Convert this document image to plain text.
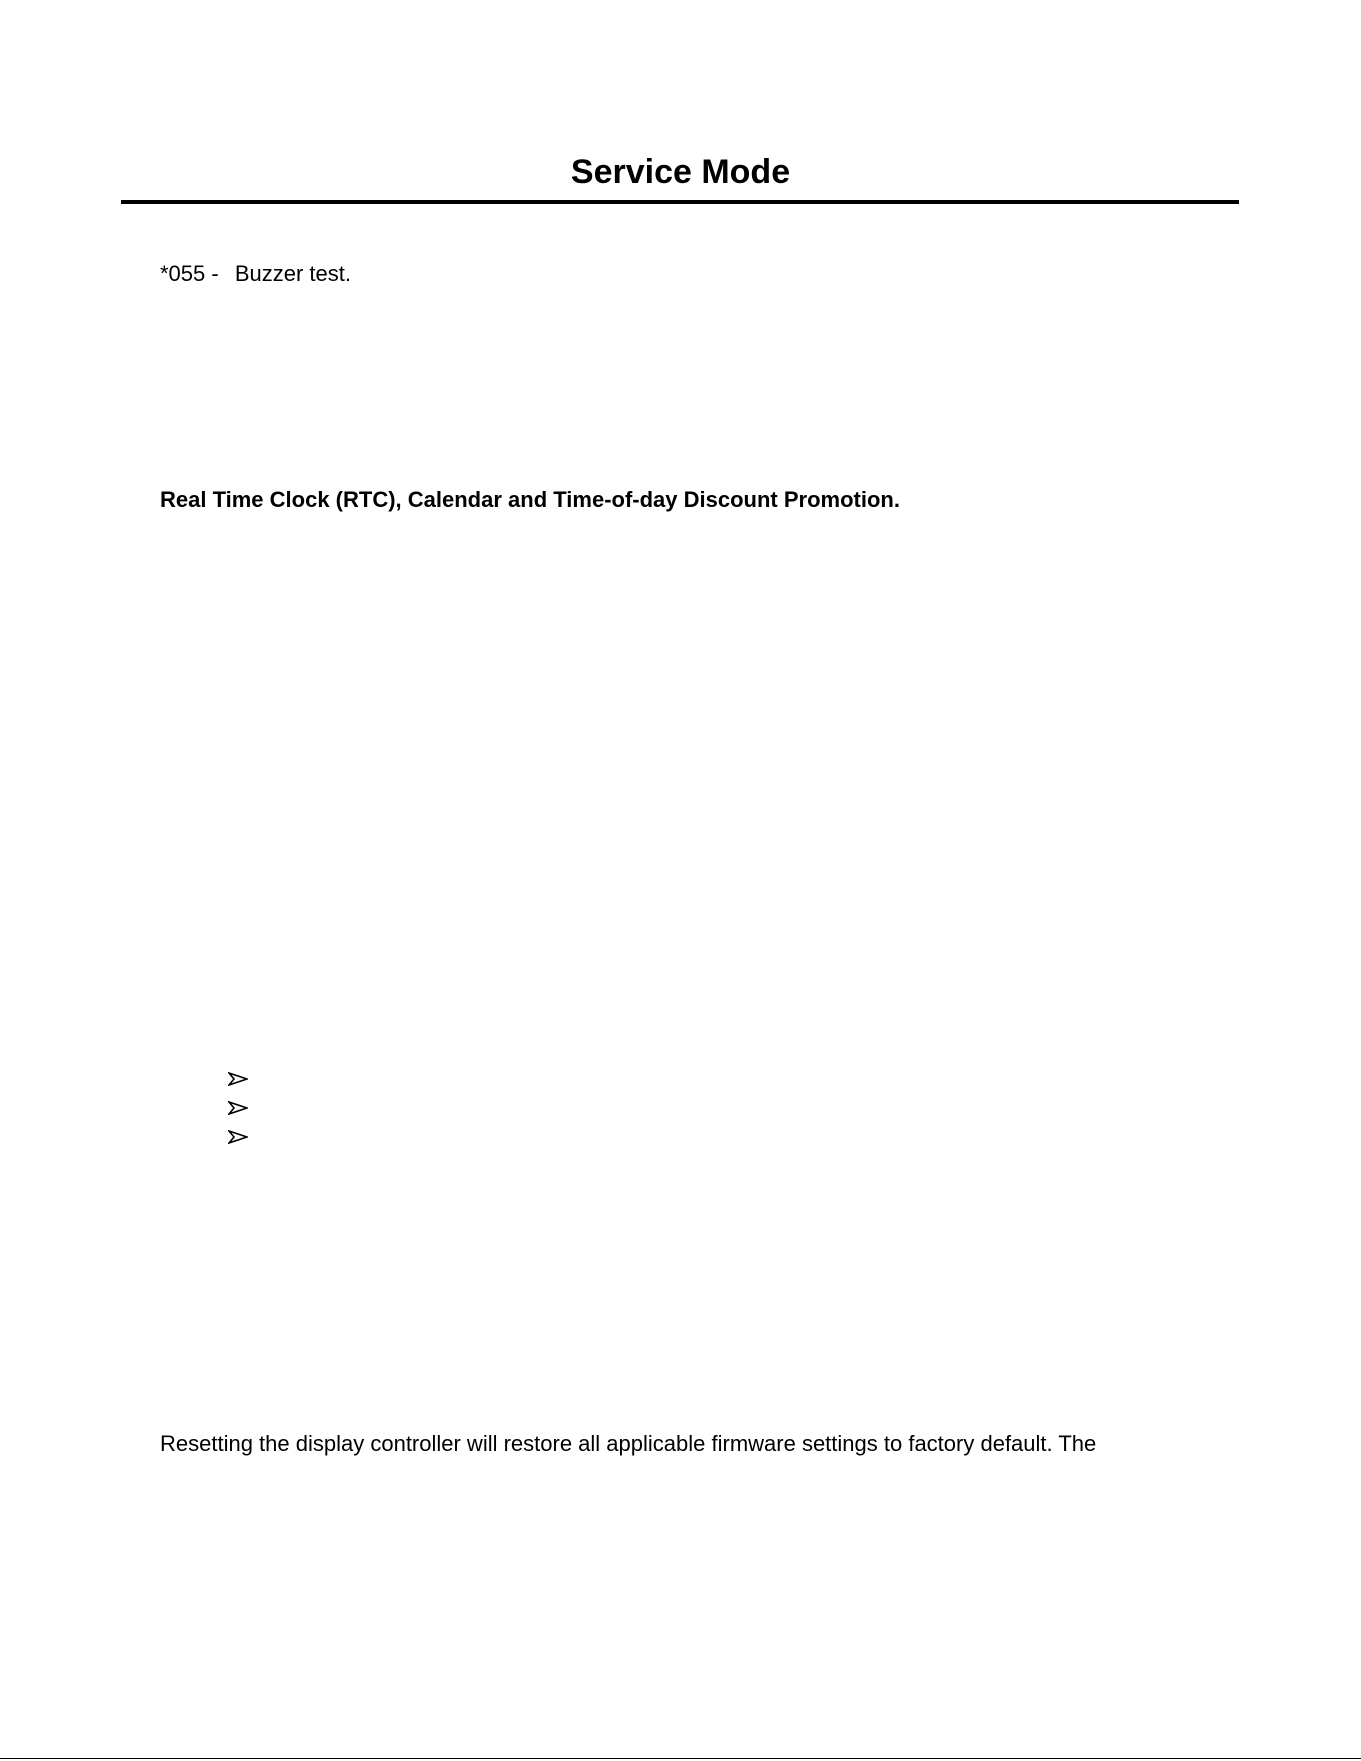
Service Mode

*055 - Buzzer test.

Real Time Clock (RTC), Calendar and Time-of-day Discount Promotion.

Resetting the display controller will restore all applicable firmware settings to factory default. The
